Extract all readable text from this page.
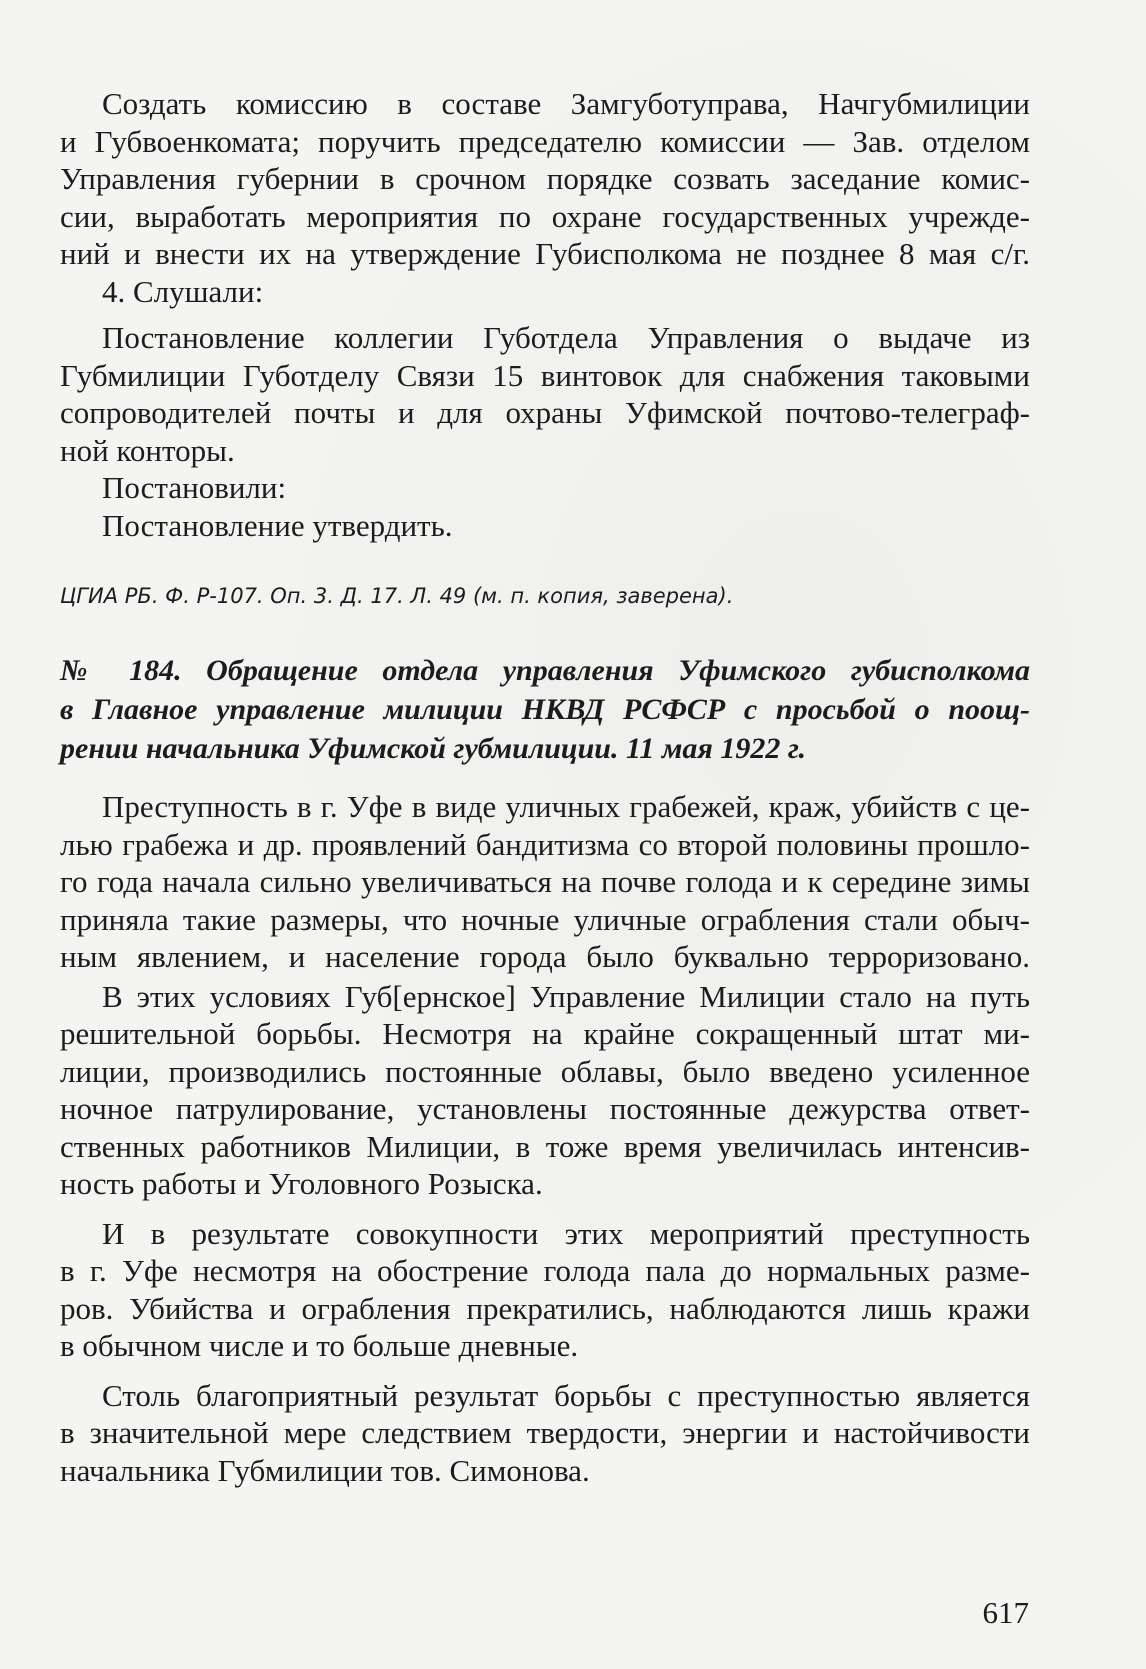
Создать комиссию в составе Замгуботуправа, Начгубмилиции
и Губвоенкомата; поручить председателю комиссии — Зав. отделом
Управления губернии в срочном порядке созвать заседание комис-
сии, выработать мероприятия по охране государственных учрежде-
ний и внести их на утверждение Губисполкома не позднее 8 мая с/г.
4. Слушали:
Постановление коллегии Губотдела Управления о выдаче из
Губмилиции Губотделу Связи 15 винтовок для снабжения таковыми
сопроводителей почты и для охраны Уфимской почтово-телеграф-
ной конторы.
Постановили:
Постановление утвердить.
ЦГИА РБ. Ф. Р-107. Оп. 3. Д. 17. Л. 49 (м. п. копия, заверена).
№ 184. Обращение отдела управления Уфимского губисполкома
в Главное управление милиции НКВД РСФСР с просьбой о поощ-
рении начальника Уфимской губмилиции. 11 мая 1922 г.
Преступность в г. Уфе в виде уличных грабежей, краж, убийств с це-
лью грабежа и др. проявлений бандитизма со второй половины прошло-
го года начала сильно увеличиваться на почве голода и к середине зимы
приняла такие размеры, что ночные уличные ограбления стали обыч-
ным явлением, и население города было буквально терроризовано.
В этих условиях Губ[ернское] Управление Милиции стало на путь
решительной борьбы. Несмотря на крайне сокращенный штат ми-
лиции, производились постоянные облавы, было введено усиленное
ночное патрулирование, установлены постоянные дежурства ответ-
ственных работников Милиции, в тоже время увеличилась интенсив-
ность работы и Уголовного Розыска.
И в результате совокупности этих мероприятий преступность
в г. Уфе несмотря на обострение голода пала до нормальных разме-
ров. Убийства и ограбления прекратились, наблюдаются лишь кражи
в обычном числе и то больше дневные.
Столь благоприятный результат борьбы с преступностью является
в значительной мере следствием твердости, энергии и настойчивости
начальника Губмилиции тов. Симонова.
617
